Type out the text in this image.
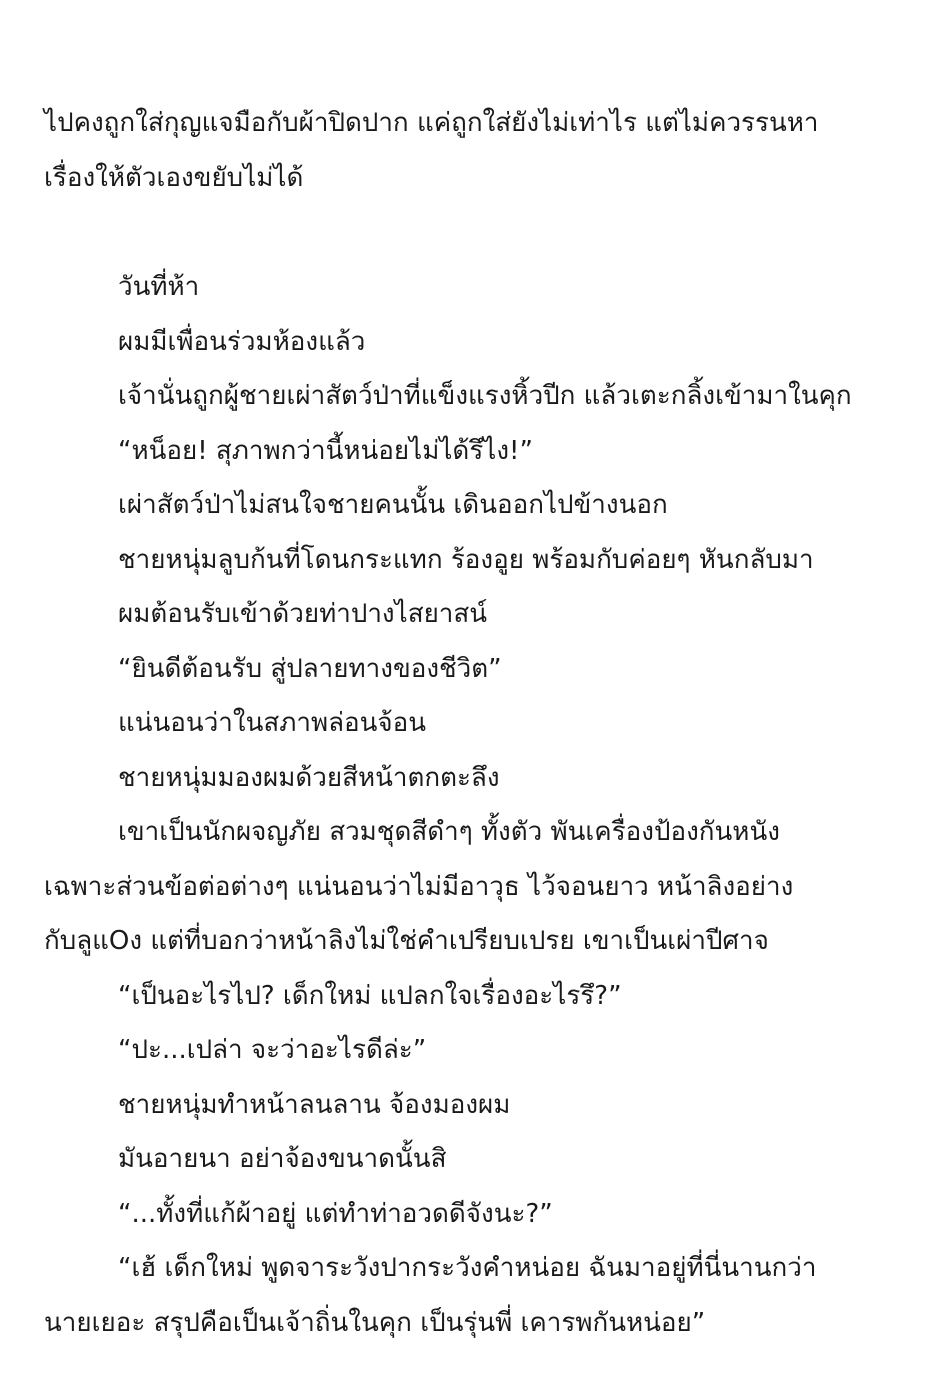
ไปคงถูกใส่กุญแจมือกับผ้าปิดปาก แค่ถูกใส่ยังไม่เท่าไร แต่ไม่ควรรนหา
เรื่องให้ตัวเองขยับไม่ได้
วันที่ห้า
ผมมีเพื่อนร่วมห้องแล้ว
เจ้านั่นถูกผู้ชายเผ่าสัตว์ป่าที่แข็งแรงหิ้วปีก แล้วเตะกลิ้งเข้ามาในคุก
“หน็อย! สุภาพกว่านี้หน่อยไม่ได้รึไง!”
เผ่าสัตว์ป่าไม่สนใจชายคนนั้น เดินออกไปข้างนอก
ชายหนุ่มลูบก้นที่โดนกระแทก ร้องอูย พร้อมกับค่อยๆ หันกลับมา
ผมต้อนรับเข้าด้วยท่าปางไสยาสน์
“ยินดีต้อนรับ สู่ปลายทางของชีวิต”
แน่นอนว่าในสภาพล่อนจ้อน
ชายหนุ่มมองผมด้วยสีหน้าตกตะลึง
เขาเป็นนักผจญภัย สวมชุดสีดำๆ ทั้งตัว พันเครื่องป้องกันหนัง
เฉพาะส่วนข้อต่อต่างๆ แน่นอนว่าไม่มีอาวุธ ไว้จอนยาว หน้าลิงอย่าง
กับลูแOง แต่ที่บอกว่าหน้าลิงไม่ใช่คำเปรียบเปรย เขาเป็นเผ่าปีศาจ
“เป็นอะไรไป? เด็กใหม่ แปลกใจเรื่องอะไรรึ?”
“ปะ...เปล่า จะว่าอะไรดีล่ะ”
ชายหนุ่มทำหน้าลนลาน จ้องมองผม
มันอายนา อย่าจ้องขนาดนั้นสิ
“...ทั้งที่แก้ผ้าอยู่ แต่ทำท่าอวดดีจังนะ?”
“เฮ้ เด็กใหม่ พูดจาระวังปากระวังคำหน่อย ฉันมาอยู่ที่นี่นานกว่า
นายเยอะ สรุปคือเป็นเจ้าถิ่นในคุก เป็นรุ่นพี่ เคารพกันหน่อย”
